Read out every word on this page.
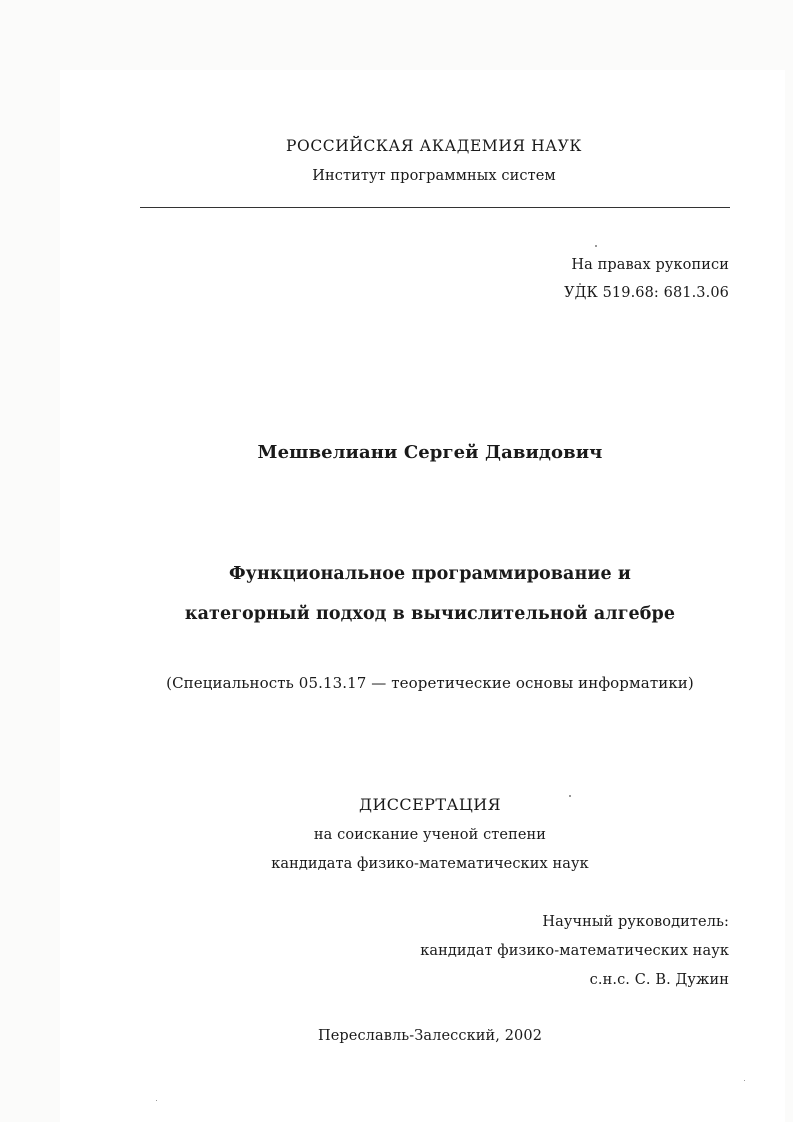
РОССИЙСКАЯ АКАДЕМИЯ НАУК
Институт программных систем
На правах рукописи
УДК 519.68: 681.3.06
Мешвелиани Сергей Давидович
Функциональное программирование и
категорный подход в вычислительной алгебре
(Специальность 05.13.17 — теоретические основы информатики)
ДИССЕРТАЦИЯ
на соискание ученой степени
кандидата физико-математических наук
Научный руководитель:
кандидат физико-математических наук
с.н.с. С. В. Дужин
Переславль-Залесский, 2002
